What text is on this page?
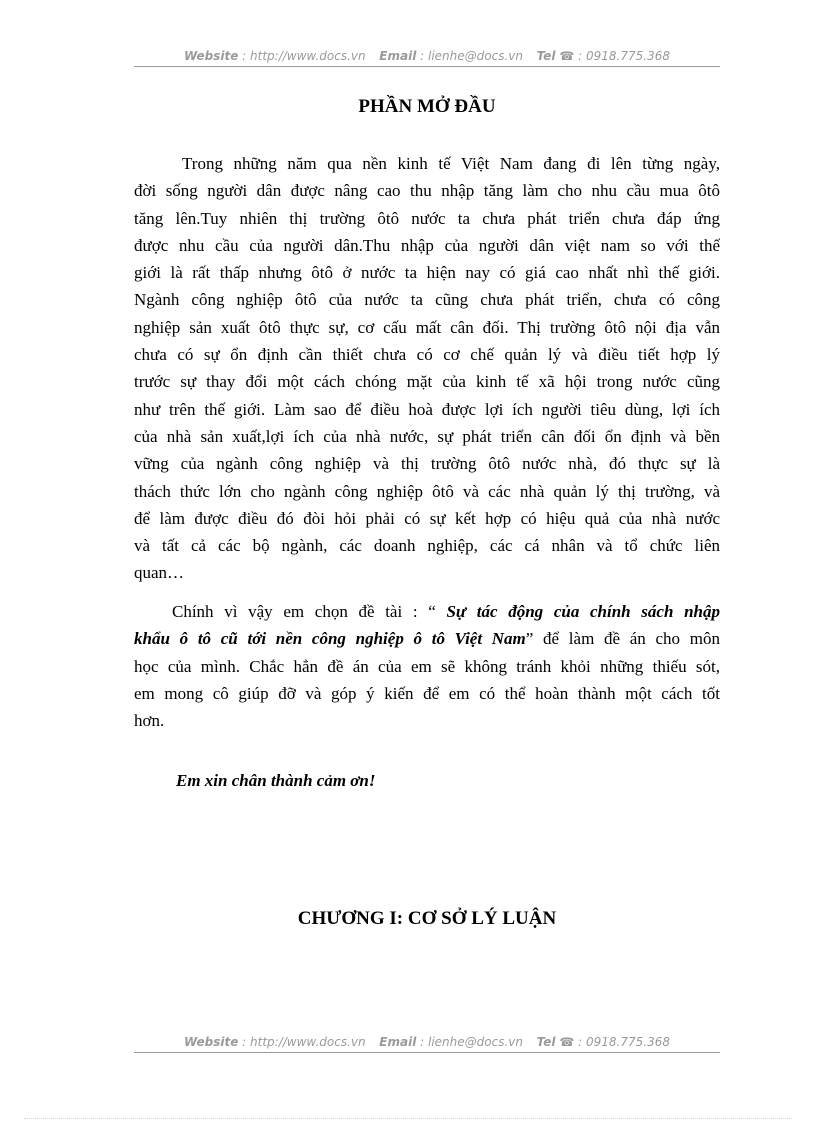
Website : http://www.docs.vn Email : lienhe@docs.vn Tel ☎ : 0918.775.368
PHẦN MỞ ĐẦU
Trong những năm qua nền kinh tế Việt Nam đang đi lên từng ngày,
đời sống người dân được nâng cao thu nhập tăng làm cho nhu cầu mua ôtô
tăng lên.Tuy nhiên thị trường ôtô nước ta chưa phát triển chưa đáp ứng
được nhu cầu của người dân.Thu nhập của người dân việt nam so với thế
giới là rất thấp nhưng ôtô ở nước ta hiện nay có giá cao nhất nhì thế giới.
Ngành công nghiệp ôtô của nước ta cũng chưa phát triển, chưa có công
nghiệp sản xuất ôtô thực sự, cơ cấu mất cân đối. Thị trường ôtô nội địa vẫn
chưa có sự ổn định cần thiết chưa có cơ chế quản lý và điều tiết hợp lý
trước sự thay đổi một cách chóng mặt của kinh tế xã hội trong nước cũng
như trên thế giới. Làm sao để điều hoà được lợi ích người tiêu dùng, lợi ích
của nhà sản xuất,lợi ích của nhà nước, sự phát triển cân đối ổn định và bền
vững của ngành công nghiệp và thị trường ôtô nước nhà, đó thực sự là
thách thức lớn cho ngành công nghiệp ôtô và các nhà quản lý thị trường, và
để làm được điều đó đòi hỏi phải có sự kết hợp có hiệu quả của nhà nước
và tất cả các bộ ngành, các doanh nghiệp, các cá nhân và tổ chức liên
quan…
Chính vì vậy em chọn đề tài : “ Sự tác động của chính sách nhập
khẩu ô tô cũ tới nền công nghiệp ô tô Việt Nam” để làm đề án cho môn
học của mình. Chắc hẳn đề án của em sẽ không tránh khỏi những thiếu sót,
em mong cô giúp đỡ và góp ý kiến để em có thể hoàn thành một cách tốt
hơn.

Em xin chân thành cảm ơn!

CHƯƠNG I: CƠ SỞ LÝ LUẬN
Website : http://www.docs.vn Email : lienhe@docs.vn Tel ☎ : 0918.775.368
